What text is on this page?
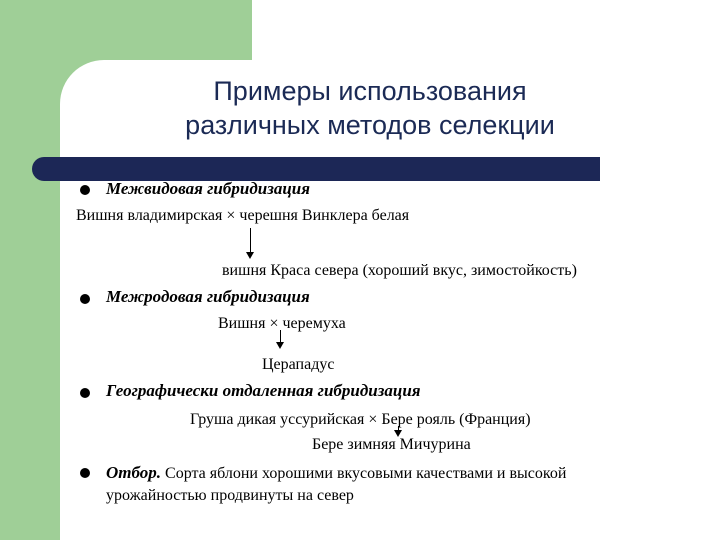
Примеры использования
различных методов селекции
Межвидовая гибридизация
Вишня владимирская × черешня Винклера белая
вишня Краса севера (хороший вкус, зимостойкость)
Межродовая гибридизация
Вишня × черемуха
Церападус
Географически отдаленная гибридизация
Груша дикая уссурийская × Бере рояль (Франция)
Бере зимняя Мичурина
Отбор. Сорта яблони хорошими вкусовыми качествами и высокой урожайностью продвинуты на север
